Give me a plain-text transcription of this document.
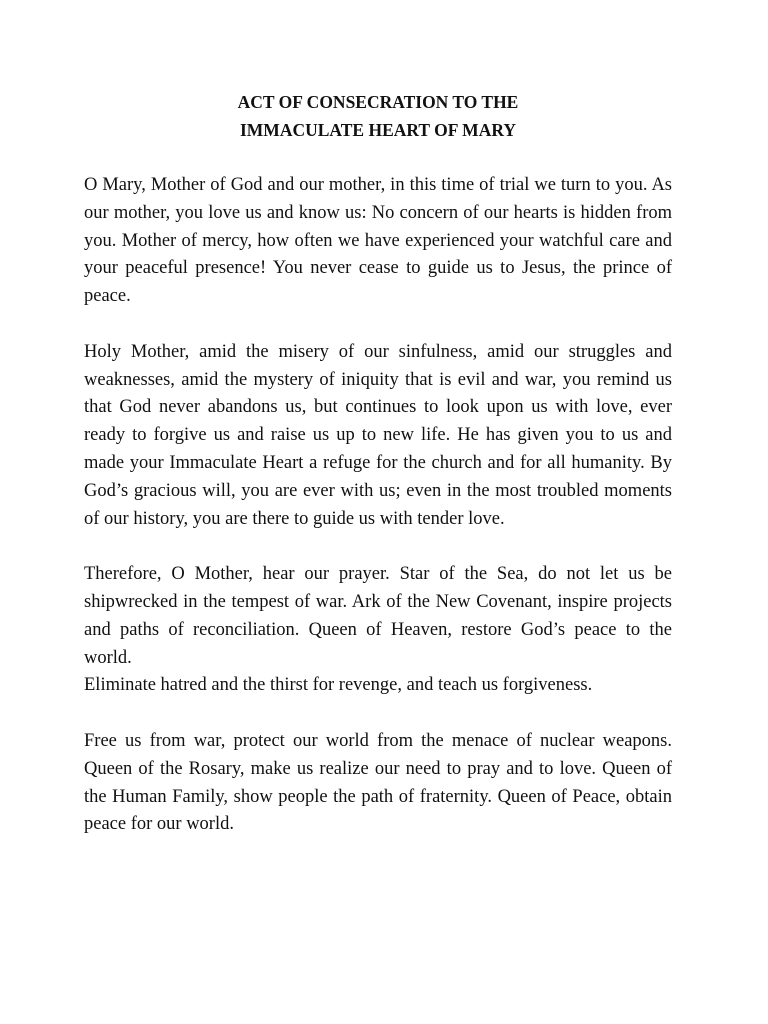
ACT OF CONSECRATION TO THE
IMMACULATE HEART OF MARY

O Mary, Mother of God and our mother, in this time of trial we turn to you. As our mother, you love us and know us: No concern of our hearts is hidden from you. Mother of mercy, how often we have experienced your watchful care and your peaceful presence! You never cease to guide us to Jesus, the prince of peace.

Holy Mother, amid the misery of our sinfulness, amid our struggles and weaknesses, amid the mystery of iniquity that is evil and war, you remind us that God never abandons us, but continues to look upon us with love, ever ready to forgive us and raise us up to new life. He has given you to us and made your Immaculate Heart a refuge for the church and for all humanity. By God’s gracious will, you are ever with us; even in the most troubled moments of our history, you are there to guide us with tender love.

Therefore, O Mother, hear our prayer. Star of the Sea, do not let us be shipwrecked in the tempest of war. Ark of the New Covenant, inspire projects and paths of reconciliation. Queen of Heaven, restore God’s peace to the world.

Eliminate hatred and the thirst for revenge, and teach us forgiveness.

Free us from war, protect our world from the menace of nuclear weapons. Queen of the Rosary, make us realize our need to pray and to love. Queen of the Human Family, show people the path of fraternity. Queen of Peace, obtain peace for our world.
